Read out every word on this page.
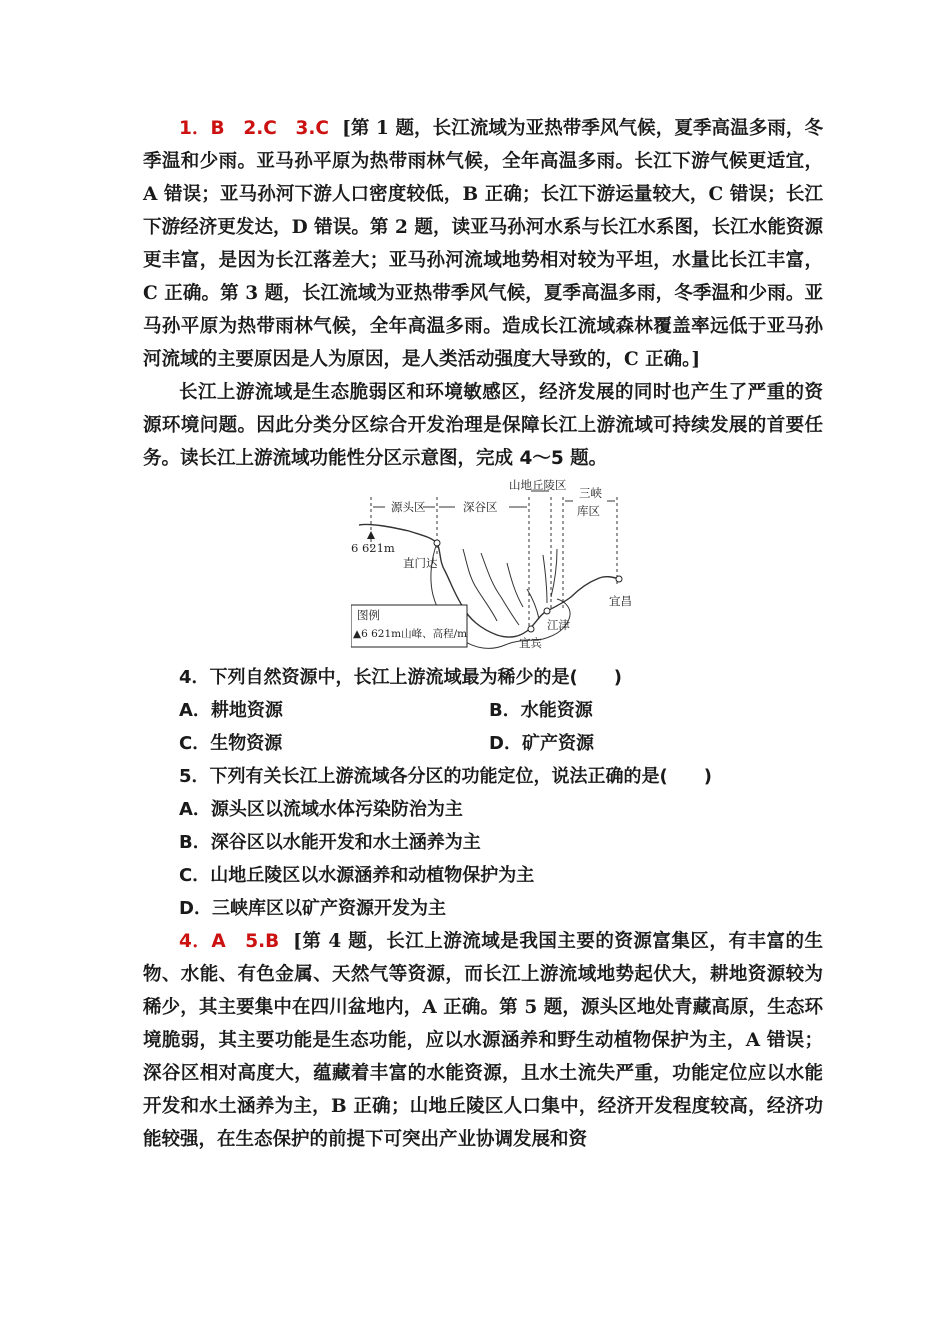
1．B　2.C　3.C [第 1 题，长江流域为亚热带季风气候，夏季高温多雨，冬季温和少雨。亚马孙平原为热带雨林气候，全年高温多雨。长江下游气候更适宜，A 错误；亚马孙河下游人口密度较低，B 正确；长江下游运量较大，C 错误；长江下游经济更发达，D 错误。第 2 题，读亚马孙河水系与长江水系图，长江水能资源更丰富，是因为长江落差大；亚马孙河流域地势相对较为平坦，水量比长江丰富，C 正确。第 3 题，长江流域为亚热带季风气候，夏季高温多雨，冬季温和少雨。亚马孙平原为热带雨林气候，全年高温多雨。造成长江流域森林覆盖率远低于亚马孙河流域的主要原因是人为原因，是人类活动强度大导致的，C 正确。]

长江上游流域是生态脆弱区和环境敏感区，经济发展的同时也产生了严重的资源环境问题。因此分类分区综合开发治理是保障长江上游流域可持续发展的首要任务。读长江上游流域功能性分区示意图，完成 4～5 题。

源头区	深谷区
山地丘陵区
三峡
库区
6 621m
直门达
宜宾
江津
宜昌
图例
▲6 621m山峰、高程/m

4．下列自然资源中，长江上游流域最为稀少的是(　　)

A．耕地资源	B．水能资源
C．生物资源	D．矿产资源

5．下列有关长江上游流域各分区的功能定位，说法正确的是(　　)

A．源头区以流域水体污染防治为主

B．深谷区以水能开发和水土涵养为主

C．山地丘陵区以水源涵养和动植物保护为主

D．三峡库区以矿产资源开发为主

4．A　5.B [第 4 题，长江上游流域是我国主要的资源富集区，有丰富的生物、水能、有色金属、天然气等资源，而长江上游流域地势起伏大，耕地资源较为稀少，其主要集中在四川盆地内，A 正确。第 5 题，源头区地处青藏高原，生态环境脆弱，其主要功能是生态功能，应以水源涵养和野生动植物保护为主，A 错误；深谷区相对高度大，蕴藏着丰富的水能资源，且水土流失严重，功能定位应以水能开发和水土涵养为主，B 正确；山地丘陵区人口集中，经济开发程度较高，经济功能较强，在生态保护的前提下可突出产业协调发展和资
